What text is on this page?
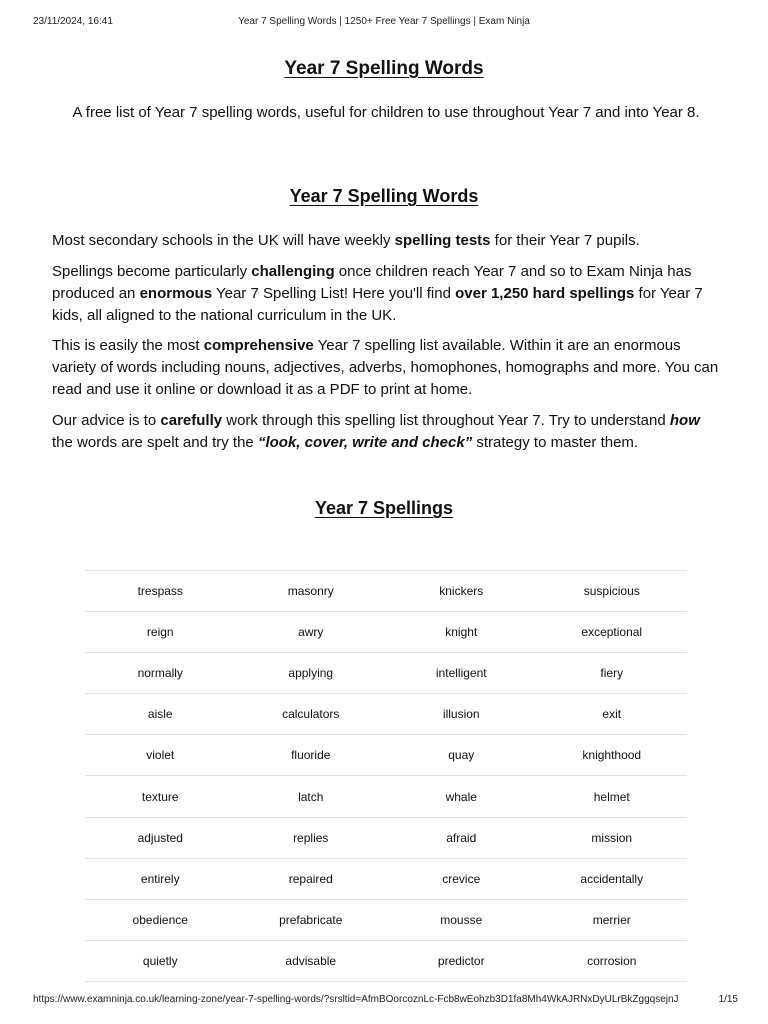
23/11/2024, 16:41	Year 7 Spelling Words | 1250+ Free Year 7 Spellings | Exam Ninja
Year 7 Spelling Words

A free list of Year 7 spelling words, useful for children to use throughout Year 7 and into Year 8.

Year 7 Spelling Words

Most secondary schools in the UK will have weekly spelling tests for their Year 7 pupils.

Spellings become particularly challenging once children reach Year 7 and so to Exam Ninja has produced an enormous Year 7 Spelling List! Here you'll find over 1,250 hard spellings for Year 7 kids, all aligned to the national curriculum in the UK.

This is easily the most comprehensive Year 7 spelling list available. Within it are an enormous variety of words including nouns, adjectives, adverbs, homophones, homographs and more. You can read and use it online or download it as a PDF to print at home.

Our advice is to carefully work through this spelling list throughout Year 7. Try to understand how the words are spelt and try the “look, cover, write and check” strategy to master them.

Year 7 Spellings
trespass	masonry	knickers	suspicious
reign	awry	knight	exceptional
normally	applying	intelligent	fiery
aisle	calculators	illusion	exit
violet	fluoride	quay	knighthood
texture	latch	whale	helmet
adjusted	replies	afraid	mission
entirely	repaired	crevice	accidentally
obedience	prefabricate	mousse	merrier
quietly	advisable	predictor	corrosion
https://www.examninja.co.uk/learning-zone/year-7-spelling-words/?srsltid=AfmBOorcoznLc-Fcb8wEohzb3D1fa8Mh4WkAJRNxDyULrBkZggqsejnJ	1/15
